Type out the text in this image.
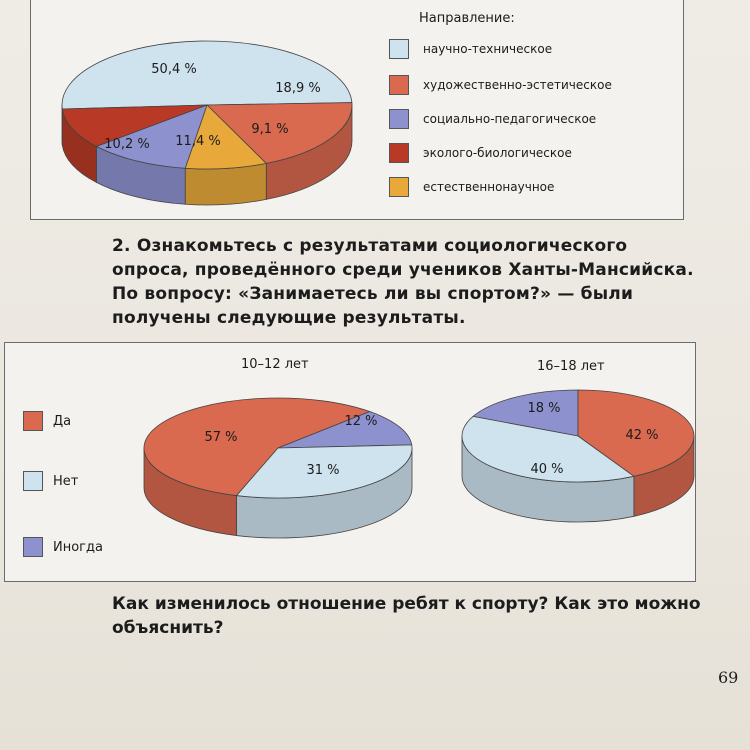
Направление:
научно-техническое
художественно-эстетическое
социально-педагогическое
эколого-биологическое
естественнонаучное
2. Ознакомьтесь с результатами социологического опроса, проведённого среди учеников Ханты-Мансийска. По вопросу: «Занимаетесь ли вы спортом?» — были получены следующие результаты.
10–12 лет	16–18 лет
Да
Нет
Иногда
Как изменилось отношение ребят к спорту? Как это можно объяснить?
69
50,4 %
18,9 %
9,1 %
11,4 %
10,2 %
57 %
12 %
31 %
18 %
42 %
40 %
